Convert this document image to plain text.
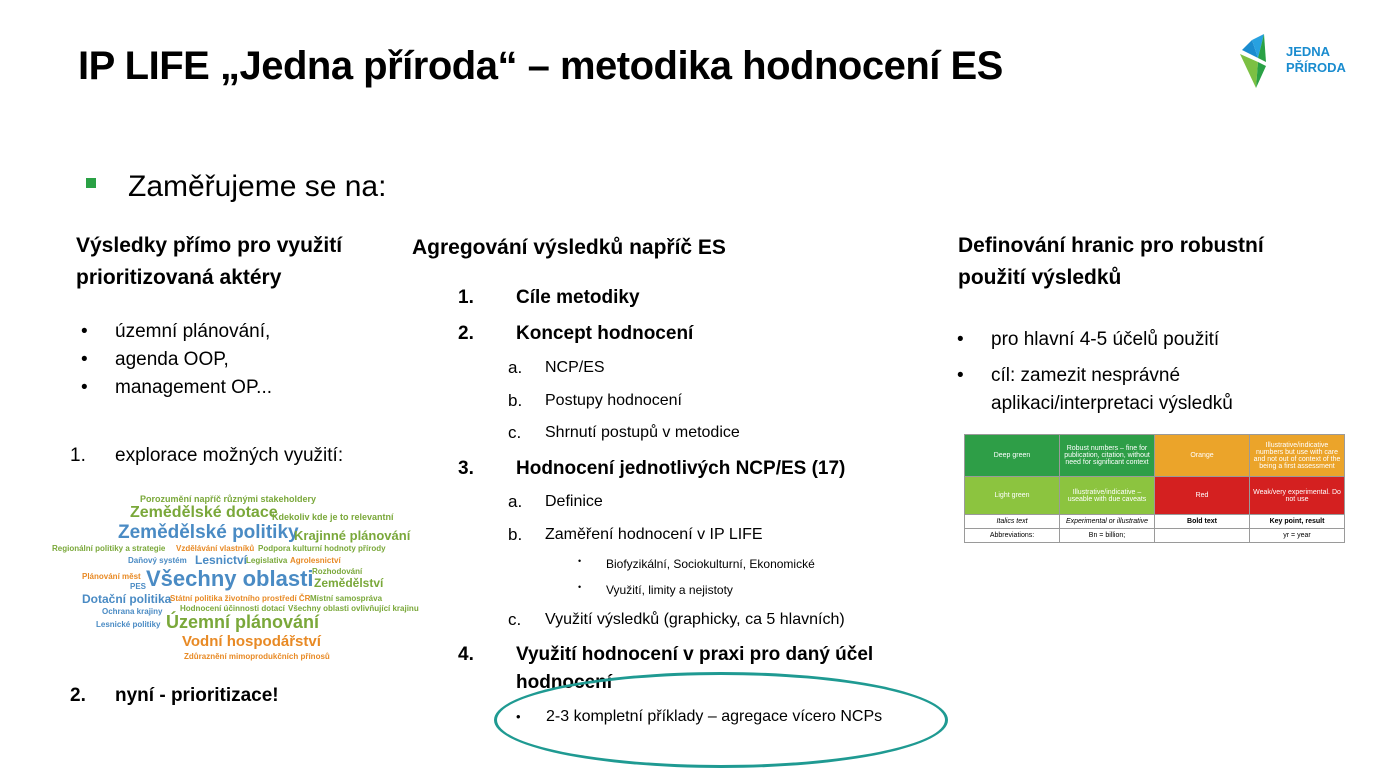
IP LIFE „Jedna příroda“ – metodika hodnocení ES	JEDNA
PŘÍRODA
Zaměřujeme se na:
Výsledky přímo pro využití
prioritizovaná aktéry
• územní plánování,
• agenda OOP,
• management OP...
1. explorace možných využití:
Porozumění napříč různými stakeholdery
Zemědělské dotace
Kdekoliv kde je to relevantní
Zemědělské politiky
Krajinné plánování
Regionální politiky a strategie Vzdělávání vlastníků Podpora kulturní hodnoty přírody
Daňový systém Lesnictví
Legislativa Agrolesnictví
Plánování měst
Rozhodování
Všechny oblasti Zemědělství
PES
Dotační politika
Státní politika životního prostředí ČR Místní samospráva
Ochrana krajiny Hodnocení účinnosti dotací Všechny oblasti ovlivňující krajinu
Lesnické politiky Územní plánování
Vodní hospodářství
Zdůraznění mimoprodukčních přínosů
2. nyní - prioritizace!
Agregování výsledků napříč ES
1. Cíle metodiky
2. Koncept hodnocení
a. NCP/ES
b. Postupy hodnocení
c. Shrnutí postupů v metodice
3. Hodnocení jednotlivých NCP/ES (17)
a. Definice
b. Zaměření hodnocení v IP LIFE
• Biofyzikální, Sociokulturní, Ekonomické
• Využití, limity a nejistoty
c. Využití výsledků (graphicky, ca 5 hlavních)
4. Využití hodnocení v praxi pro daný účel
hodnocení
• 2-3 kompletní příklady – agregace vícero NCPs
Definování hranic pro robustní
použití výsledků
• pro hlavní 4-5 účelů použití
• cíl: zamezit nesprávné
aplikaci/interpretaci výsledků
Deep green	Robust numbers – fine for publication, citation, without need for significant context	Orange	Illustrative/indicative numbers but use with care and not out of context of the being a first assessment
Light green	Illustrative/indicative – useable with due caveats	Red	Weak/very experimental. Do not use
Italics text	Experimental or illustrative	Bold text	Key point, result
Abbreviations:	Bn = billion;		yr = year
